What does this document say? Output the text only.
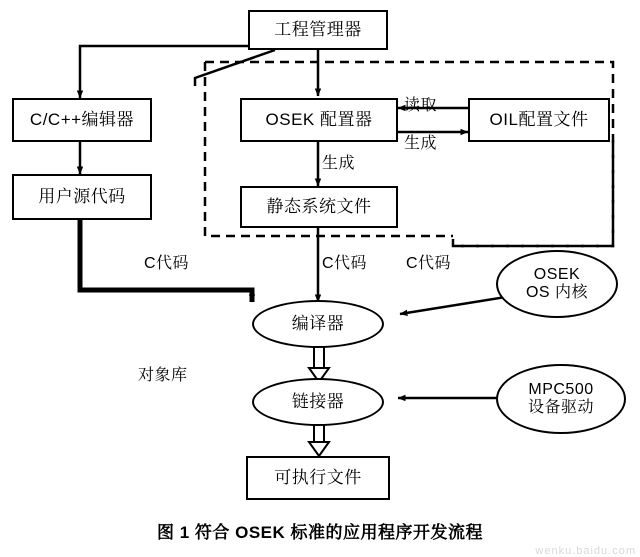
工程管理器
C/C++编辑器
用户源代码
OSEK 配置器	OIL配置文件
静态系统文件
编译器
链接器
可执行文件
OSEK
OS 内核
MPC500
设备驱动
读取
生成
生成
C代码	C代码 C代码
对象库
图 1 符合 OSEK 标准的应用程序开发流程
wenku.baidu.com
